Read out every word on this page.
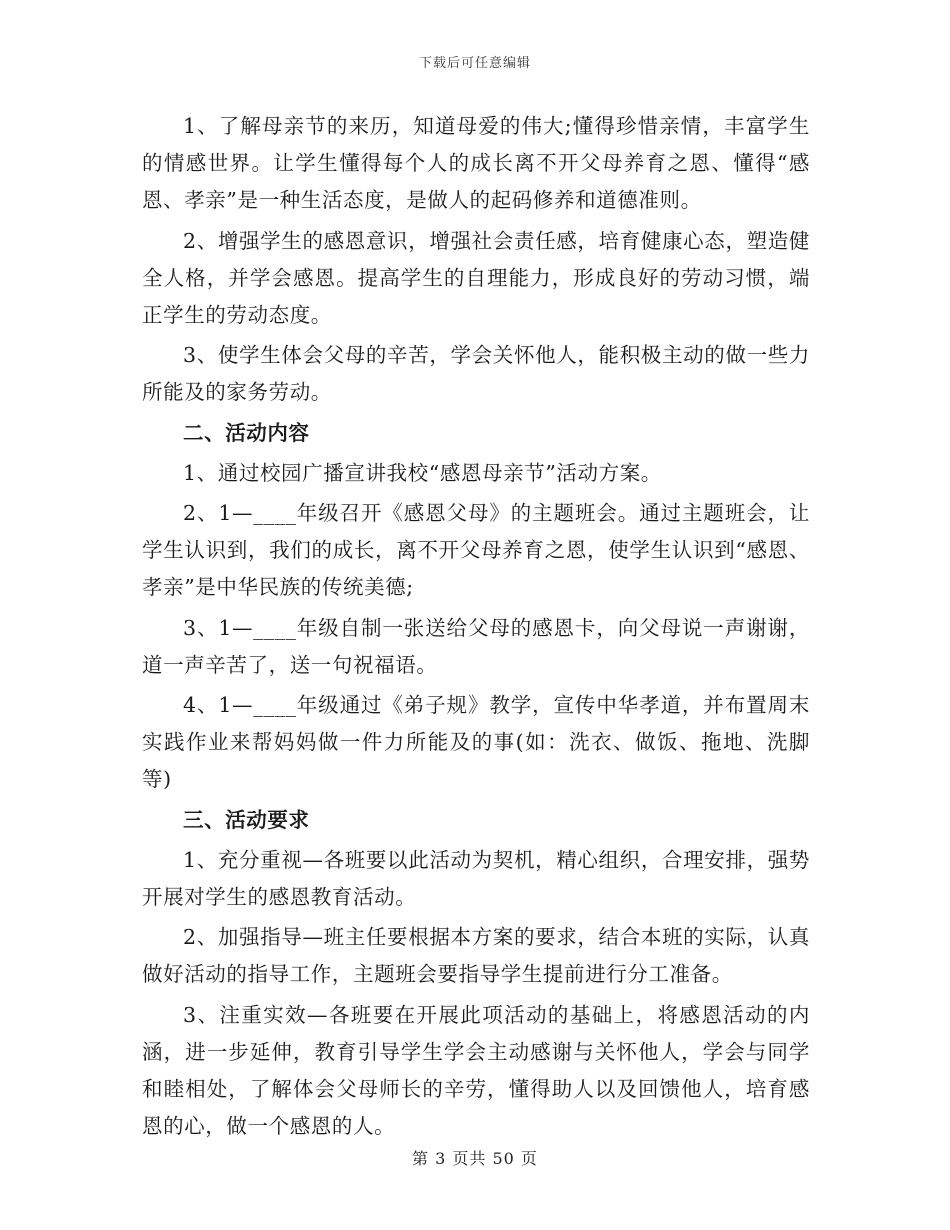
下载后可任意编辑

1、了解母亲节的来历，知道母爱的伟大;懂得珍惜亲情，丰富学生的情感世界。让学生懂得每个人的成长离不开父母养育之恩、懂得“感恩、孝亲”是一种生活态度，是做人的起码修养和道德准则。

2、增强学生的感恩意识，增强社会责任感，培育健康心态，塑造健全人格，并学会感恩。提高学生的自理能力，形成良好的劳动习惯，端正学生的劳动态度。

3、使学生体会父母的辛苦，学会关怀他人，能积极主动的做一些力所能及的家务劳动。

二、活动内容

1、通过校园广播宣讲我校“感恩母亲节”活动方案。

2、1—____年级召开《感恩父母》的主题班会。通过主题班会，让学生认识到，我们的成长，离不开父母养育之恩，使学生认识到“感恩、孝亲”是中华民族的传统美德;

3、1—____年级自制一张送给父母的感恩卡，向父母说一声谢谢，道一声辛苦了，送一句祝福语。

4、1—____年级通过《弟子规》教学，宣传中华孝道，并布置周末实践作业来帮妈妈做一件力所能及的事(如：洗衣、做饭、拖地、洗脚等)

三、活动要求

1、充分重视—各班要以此活动为契机，精心组织，合理安排，强势开展对学生的感恩教育活动。

2、加强指导—班主任要根据本方案的要求，结合本班的实际，认真做好活动的指导工作，主题班会要指导学生提前进行分工准备。

3、注重实效—各班要在开展此项活动的基础上，将感恩活动的内涵，进一步延伸，教育引导学生学会主动感谢与关怀他人，学会与同学和睦相处，了解体会父母师长的辛劳，懂得助人以及回馈他人，培育感恩的心，做一个感恩的人。

第 3 页共 50 页
